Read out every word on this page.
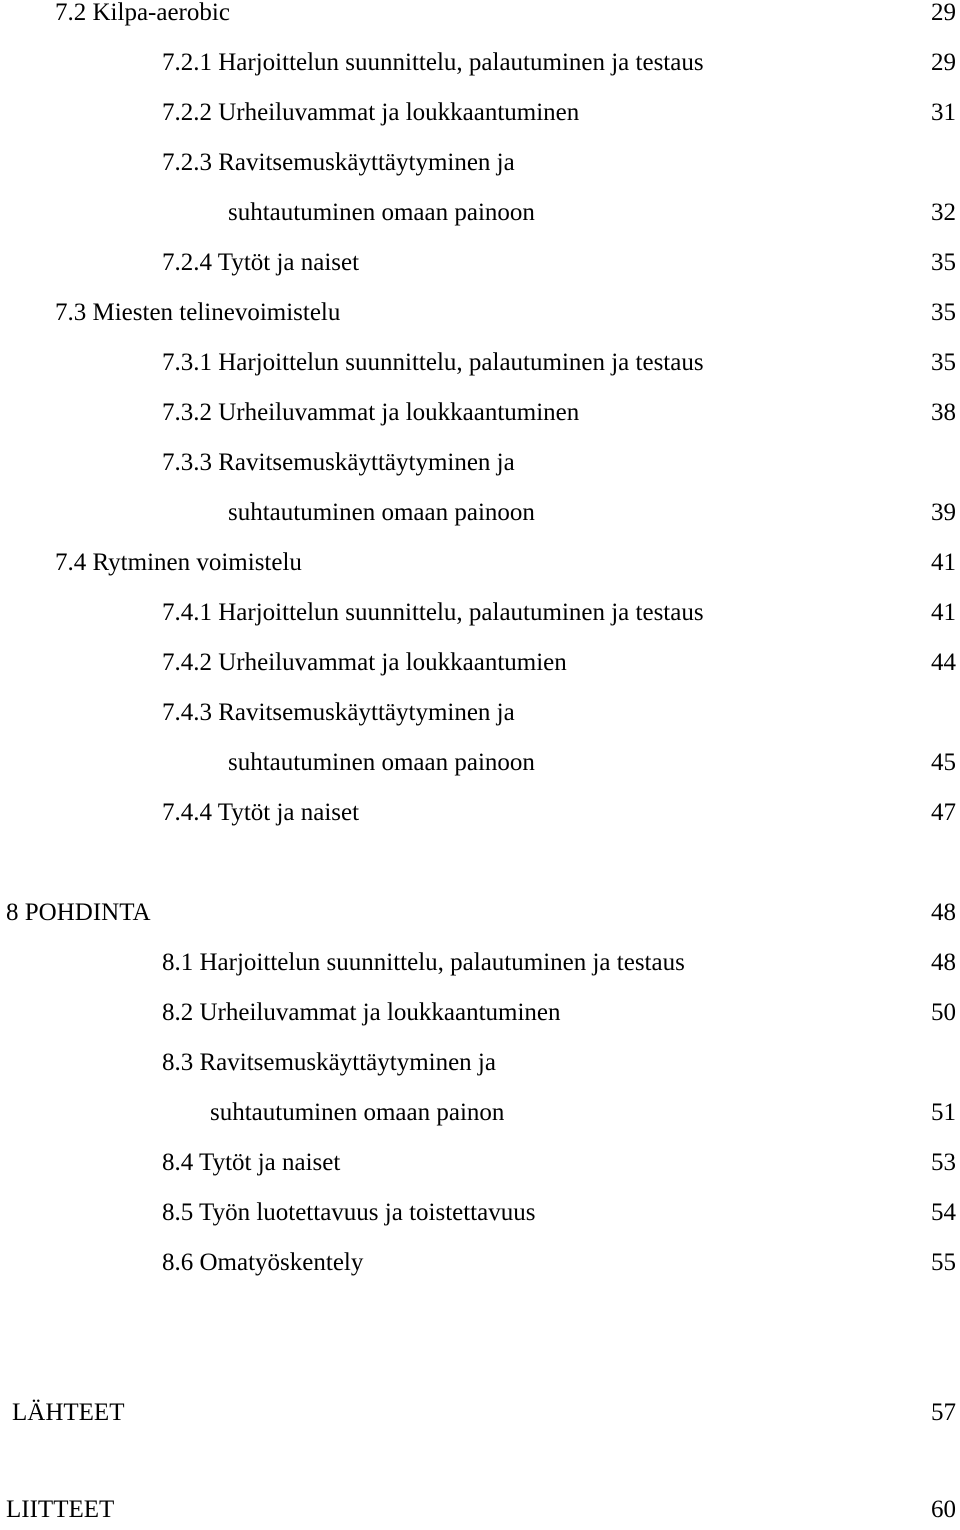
7.2 Kilpa-aerobic	29
7.2.1 Harjoittelun suunnittelu, palautuminen ja testaus	29
7.2.2 Urheiluvammat ja loukkaantuminen	31
7.2.3 Ravitsemuskäyttäytyminen ja
suhtautuminen omaan painoon	32
7.2.4 Tytöt ja naiset	35
7.3 Miesten telinevoimistelu	35
7.3.1 Harjoittelun suunnittelu, palautuminen ja testaus	35
7.3.2 Urheiluvammat ja loukkaantuminen	38
7.3.3 Ravitsemuskäyttäytyminen ja
suhtautuminen omaan painoon	39
7.4 Rytminen voimistelu	41
7.4.1 Harjoittelun suunnittelu, palautuminen ja testaus	41
7.4.2 Urheiluvammat ja loukkaantumien	44
7.4.3 Ravitsemuskäyttäytyminen ja
suhtautuminen omaan painoon	45
7.4.4 Tytöt ja naiset	47
8 POHDINTA	48
8.1 Harjoittelun suunnittelu, palautuminen ja testaus	48
8.2 Urheiluvammat ja loukkaantuminen	50
8.3 Ravitsemuskäyttäytyminen ja
suhtautuminen omaan painon	51
8.4 Tytöt ja naiset	53
8.5 Työn luotettavuus ja toistettavuus	54
8.6 Omatyöskentely	55
LÄHTEET	57
LIITTEET	60
